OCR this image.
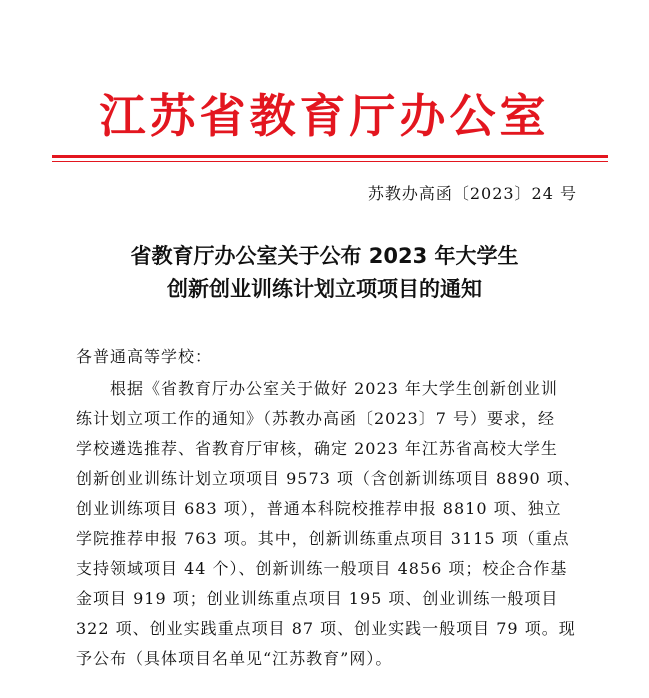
江苏省教育厅办公室
苏教办高函〔2023〕24 号
省教育厅办公室关于公布 2023 年大学生
创新创业训练计划立项项目的通知
各普通高等学校：
　　根据《省教育厅办公室关于做好 2023 年大学生创新创业训
练计划立项工作的通知》（苏教办高函〔2023〕7 号）要求，经
学校遴选推荐、省教育厅审核，确定 2023 年江苏省高校大学生
创新创业训练计划立项项目 9573 项（含创新训练项目 8890 项、
创业训练项目 683 项），普通本科院校推荐申报 8810 项、独立
学院推荐申报 763 项。其中，创新训练重点项目 3115 项（重点
支持领域项目 44 个）、创新训练一般项目 4856 项；校企合作基
金项目 919 项；创业训练重点项目 195 项、创业训练一般项目
322 项、创业实践重点项目 87 项、创业实践一般项目 79 项。现
予公布（具体项目名单见“江苏教育”网）。
